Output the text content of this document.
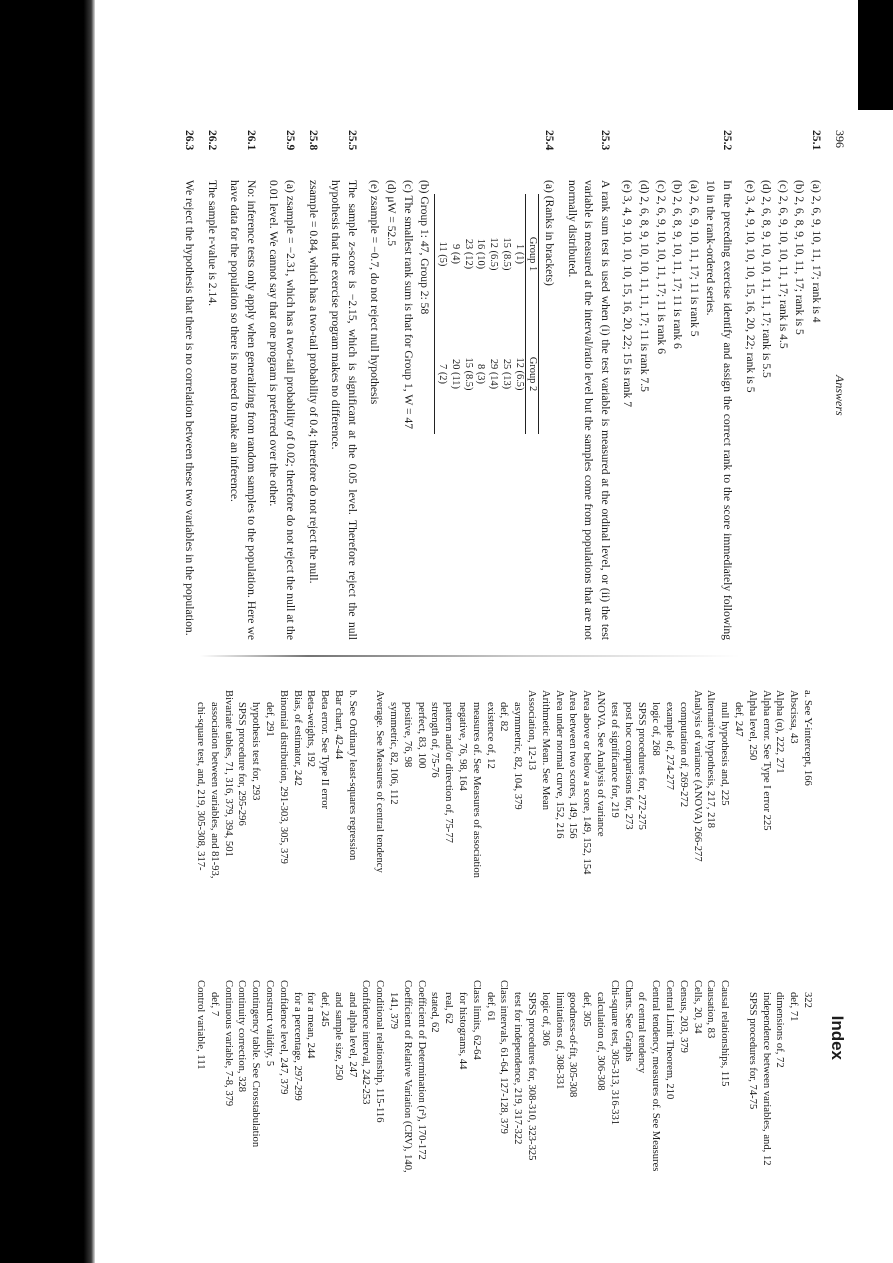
396
Answers
25.1
(a) 2, 6, 9, 10, 11, 17; rank is 4
(b) 2, 6, 8, 9, 10, 11, 17; rank is 5
(c) 2, 6, 9, 10, 10, 11, 17; rank is 4.5
(d) 2, 6, 8, 9, 10, 10, 11, 11, 17; rank is 5.5
(e) 3, 4, 9, 10, 10, 10, 15, 16, 20, 22; rank is 5
25.2

In the preceding exercise identify and assign the correct rank to the score immediately following 10 in the rank-ordered series.

(a) 2, 6, 9, 10, 11, 17; 11 is rank 5
(b) 2, 6, 8, 9, 10, 11, 17; 11 is rank 6
(c) 2, 6, 9, 10, 10, 11, 17; 11 is rank 6
(d) 2, 6, 8, 9, 10, 10, 11, 11, 17; 11 is rank 7.5
(e) 3, 4, 9, 10, 10, 10, 15, 16, 20, 22; 15 is rank 7
25.3

A rank sum test is used when (i) the test variable is measured at the ordinal level, or (ii) the test variable is measured at the interval/ratio level but the samples come from populations that are not normally distributed.

25.4
(a) (Ranks in brackets)
Group 1	Group 2
1 (1)	12 (6.5)
15 (8.5)	25 (13)
12 (6.5)	29 (14)
16 (10)	8 (3)
23 (12)	15 (8.5)
9 (4)	20 (11)
11 (5)	7 (2)
(b) Group 1: 47, Group 2: 58
(c) The smallest rank sum is that for Group 1, W = 47
(d) μW = 52.5
(e) zsample = −0.7, do not reject null hypothesis
25.5

The sample z-score is −2.15, which is significant at the 0.05 level. Therefore reject the null hypothesis that the exercise program makes no difference.

25.8

zsample = 0.84, which has a two-tail probability of 0.4; therefore do not reject the null.

25.9

(a) zsample = −2.31, which has a two-tail probability of 0.02; therefore do not reject the null at the 0.01 level. We cannot say that one program is preferred over the other.

26.1

No: inference tests only apply when generalizing from random samples to the population. Here we have data for the population so there is no need to make an inference.

26.2

The sample r-value is 2.14.

26.3

We reject the hypothesis that there is no correlation between these two variables in the population.

Index
a. See Y-intercept, 166
Abscissa, 43
Alpha (α), 222, 271
Alpha error. See Type I error 225
Alpha level, 250
def, 247
null hypothesis and, 225
Alternative hypothesis, 217, 218
Analysis of variance (ANOVA) 266-277
computation of, 269-272
example of, 274-277
logic of, 268
SPSS procedures for, 272-275
post hoc comparisons for, 273
test of significance for, 219
ANOVA. See Analysis of variance
Area above or below a score, 149, 152, 154
Area between two scores, 149, 156
Area under normal curve, 152, 216
Arithmetic Mean. See Mean
Association, 12-13
asymmetric, 82, 104, 379
def, 82
existence of, 12
measures of. See Measures of association
negative, 76, 98, 164
pattern and/or direction of, 75-77
strength of, 75-76
perfect, 83, 100
positive, 76, 98
symmetric, 82, 106, 112
Average. See Measures of central tendency

b. See Ordinary least-squares regression
Bar chart, 42-44
Beta error. See Type II error
Beta-weights, 192
Bias, of estimator, 242
Binomial distribution, 291-303, 305, 379
def, 291
hypothesis test for, 293
SPSS procedure for, 295-296
Bivariate tables, 71, 316, 379, 394, 501
association between variables, and 81-93,
chi-square test, and, 219, 305-308, 317-
322
def, 71
dimensions of, 72
independence between variables, and, 12
SPSS procedures for, 74-75

Causal relationships, 115
Causation, 83
Cells, 20, 34
Census, 203, 379
Central Limit Theorem, 210
Central tendency, measures of. See Measures
of central tendency
Charts. See Graphs
Chi-square test, 305-313, 316-331
calculation of, 306-308
def, 305
goodness-of-fit, 305-308
limitations of, 308-331
logic of, 306
SPSS procedures for, 308-310, 323-325
test for independence, 219, 317-322
Class intervals, 61-64, 127-128, 379
def, 61
Class limits, 62-64
for histograms, 44
real, 62
stated, 62
Coefficient of Determination (r²), 170-172
Coefficient of Relative Variation (CRV), 140,
141, 379
Conditional relationship, 115-116
Confidence interval, 242-253
and alpha level, 247
and sample size, 250
def, 245
for a mean, 244
for a percentage, 297-299
Confidence level, 247, 379
Construct validity, 5
Contingency table. See Crosstabulation
Continuity correction, 328
Continuous variable, 7-8, 379
def, 7
Control variable, 111
